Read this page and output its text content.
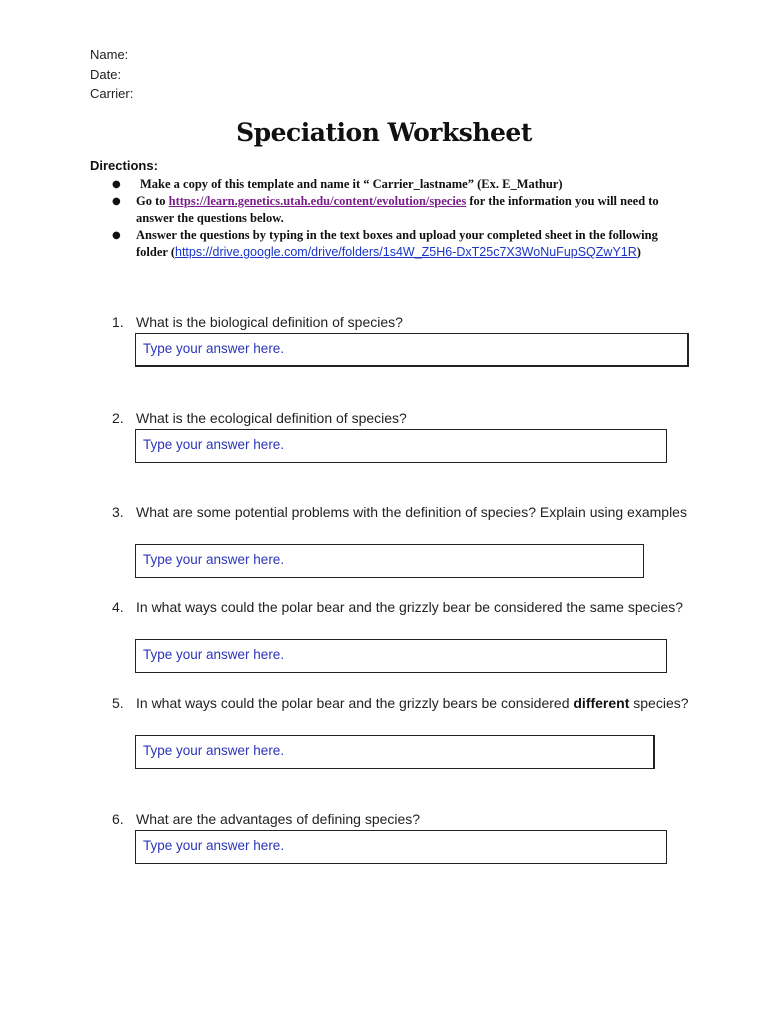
Name:
Date:
Carrier:
Speciation Worksheet
Directions:
● Make a copy of this template and name it “ Carrier_lastname” (Ex. E_Mathur)
● Go to https://learn.genetics.utah.edu/content/evolution/species for the information you will need to answer the questions below.
● Answer the questions by typing in the text boxes and upload your completed sheet in the following folder (https://drive.google.com/drive/folders/1s4W_Z5H6-DxT25c7X3WoNuFupSQZwY1R)
1. What is the biological definition of species?
Type your answer here.
2. What is the ecological definition of species?
Type your answer here.
3. What are some potential problems with the definition of species? Explain using examples
Type your answer here.
4. In what ways could the polar bear and the grizzly bear be considered the same species?
Type your answer here.
5. In what ways could the polar bear and the grizzly bears be considered different species?
Type your answer here.
6. What are the advantages of defining species?
Type your answer here.
